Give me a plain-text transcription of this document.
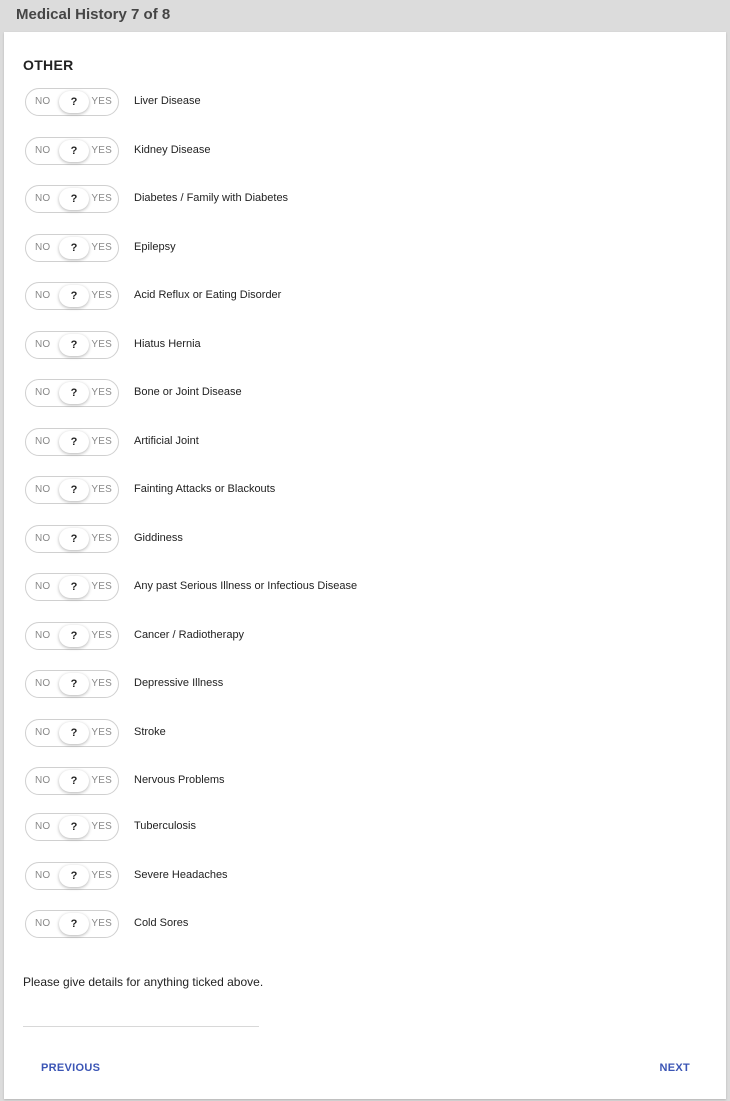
Medical History 7 of 8
OTHER
NO	?	YES Liver Disease
NO	?	YES Kidney Disease
NO	?	YES Diabetes / Family with Diabetes
NO	?	YES Epilepsy
NO	?	YES Acid Reflux or Eating Disorder
NO	?	YES Hiatus Hernia
NO	?	YES Bone or Joint Disease
NO	?	YES Artificial Joint
NO	?	YES Fainting Attacks or Blackouts
NO	?	YES Giddiness
NO	?	YES Any past Serious Illness or Infectious Disease
NO	?	YES Cancer / Radiotherapy
NO	?	YES Depressive Illness
NO	?	YES Stroke
NO	?	YES Nervous Problems
NO	?	YES Tuberculosis
NO	?	YES Severe Headaches
NO	?	YES Cold Sores
Please give details for anything ticked above.
PREVIOUS	NEXT
